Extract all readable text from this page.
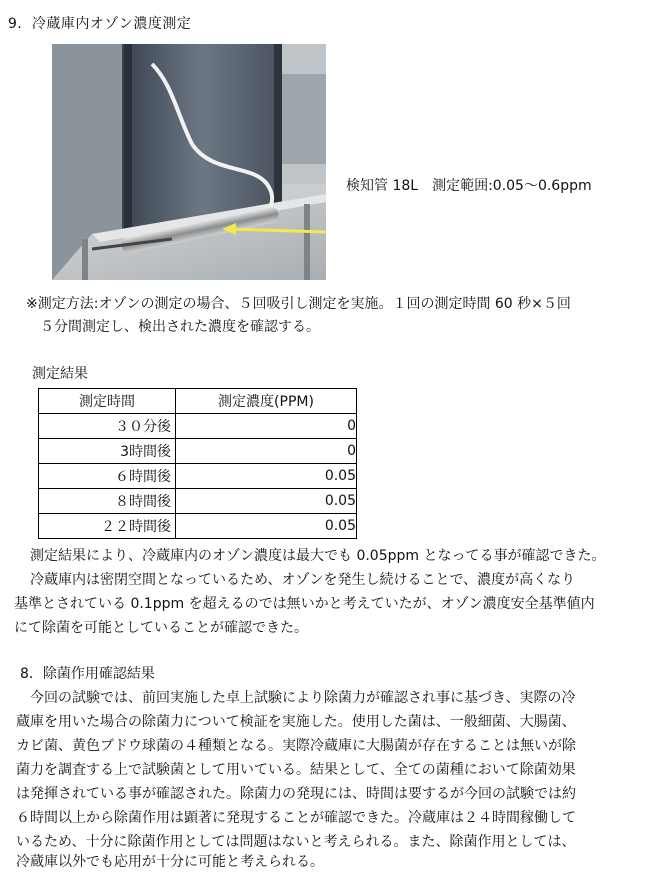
9．冷蔵庫内オゾン濃度測定
検知管 18L　測定範囲:0.05～0.6ppm
※測定方法:オゾンの測定の場合、５回吸引し測定を実施。１回の測定時間 60 秒×５回
５分間測定し、検出された濃度を確認する。
測定結果
測定時間	測定濃度(PPM)
３０分後	0
3時間後	0
６時間後	0.05
８時間後	0.05
２２時間後	0.05
測定結果により、冷蔵庫内のオゾン濃度は最大でも 0.05ppm となってる事が確認できた。
冷蔵庫内は密閉空間となっているため、オゾンを発生し続けることで、濃度が高くなり
基準とされている 0.1ppm を超えるのでは無いかと考えていたが、オゾン濃度安全基準値内
にて除菌を可能としていることが確認できた。
8．除菌作用確認結果
今回の試験では、前回実施した卓上試験により除菌力が確認され事に基づき、実際の冷
蔵庫を用いた場合の除菌力について検証を実施した。使用した菌は、一般細菌、大腸菌、
カビ菌、黄色ブドウ球菌の４種類となる。実際冷蔵庫に大腸菌が存在することは無いが除
菌力を調査する上で試験菌として用いている。結果として、全ての菌種において除菌効果
は発揮されている事が確認された。除菌力の発現には、時間は要するが今回の試験では約
６時間以上から除菌作用は顕著に発現することが確認できた。冷蔵庫は２４時間稼働して
いるため、十分に除菌作用としては問題はないと考えられる。また、除菌作用としては、
冷蔵庫以外でも応用が十分に可能と考えられる。
